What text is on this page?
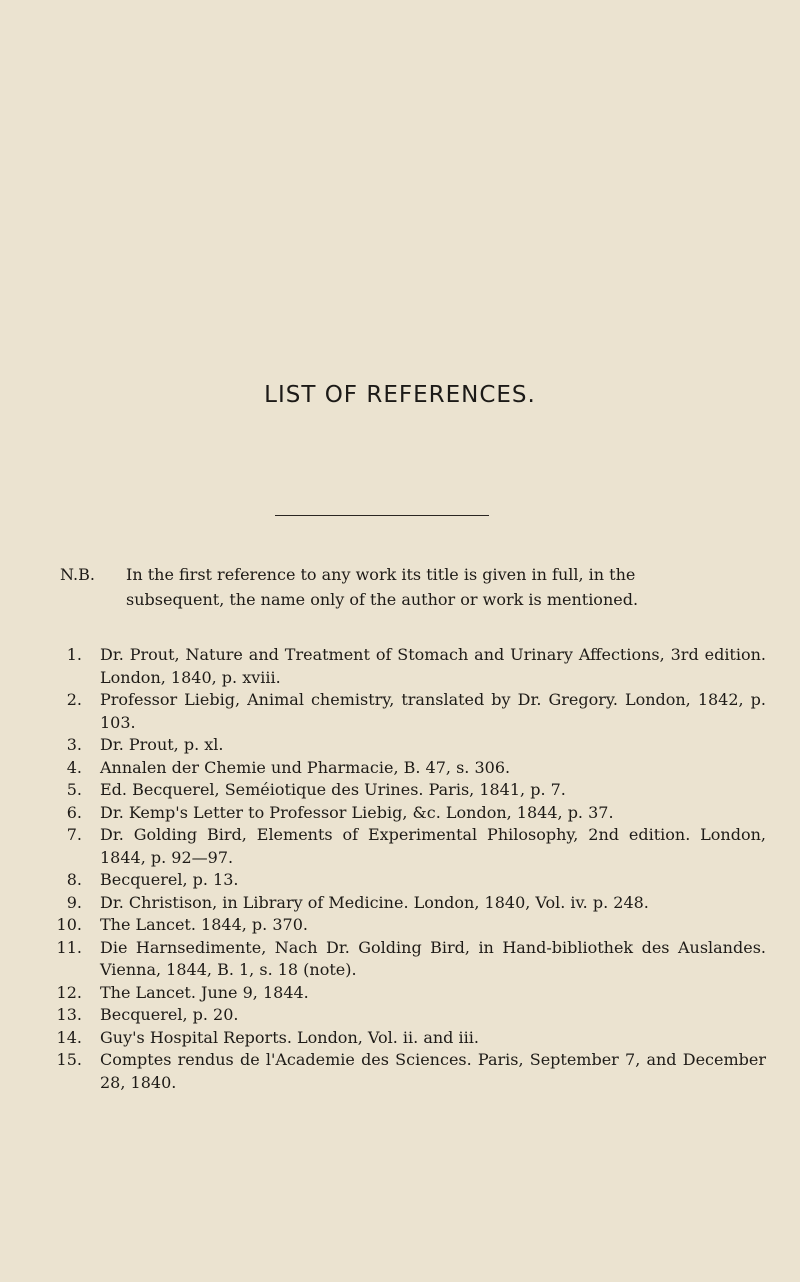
LIST OF REFERENCES.
N.B. In the first reference to any work its title is given in full, in the
subsequent, the name only of the author or work is mentioned.
1. Dr. Prout, Nature and Treatment of Stomach and Urinary Affections, 3rd edition. London, 1840, p. xviii.
2. Professor Liebig, Animal chemistry, translated by Dr. Gregory. London, 1842, p. 103.
3. Dr. Prout, p. xl.
4. Annalen der Chemie und Pharmacie, B. 47, s. 306.
5. Ed. Becquerel, Seméiotique des Urines. Paris, 1841, p. 7.
6. Dr. Kemp's Letter to Professor Liebig, &c. London, 1844, p. 37.
7. Dr. Golding Bird, Elements of Experimental Philosophy, 2nd edition. London, 1844, p. 92—97.
8. Becquerel, p. 13.
9. Dr. Christison, in Library of Medicine. London, 1840, Vol. iv. p. 248.
10. The Lancet. 1844, p. 370.
11. Die Harnsedimente, Nach Dr. Golding Bird, in Hand-bibliothek des Auslandes. Vienna, 1844, B. 1, s. 18 (note).
12. The Lancet. June 9, 1844.
13. Becquerel, p. 20.
14. Guy's Hospital Reports. London, Vol. ii. and iii.
15. Comptes rendus de l'Academie des Sciences. Paris, September 7, and December 28, 1840.
